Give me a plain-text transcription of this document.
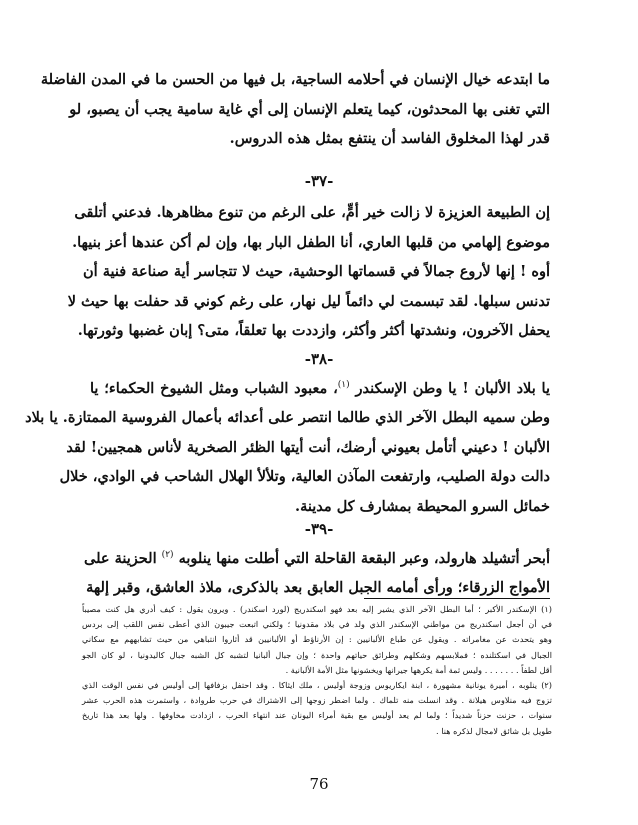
ما ابتدعه خيال الإنسان في أحلامه الساجية، بل فيها من الحسن ما في المدن الفاضلة
التي تغنى بها المحدثون، كيما يتعلم الإنسان إلى أي غاية سامية يجب أن يصبو، لو
قدر لهذا المخلوق الفاسد أن ينتفع بمثل هذه الدروس.
-٣٧-
إن الطبيعة العزيزة لا زالت خير أمٍّ، على الرغم من تنوع مظاهرها. فدعني أتلقى
موضوع إلهامي من قلبها العاري، أنا الطفل البار بها، وإن لم أكن عندها أعز بنيها.
أوه ! إنها لأروع جمالاً في قسماتها الوحشية، حيث لا تتجاسر أية صناعة فنية أن
تدنس سبلها. لقد تبسمت لي دائماً ليل نهار، على رغم كوني قد حفلت بها حيث لا
يحفل الآخرون، ونشدتها أكثر وأكثر، وازددت بها تعلقاً، متى؟ إبان غضبها وثورتها.
-٣٨-
يا بلاد الألبان ! يا وطن الإسكندر $^{(١)}$، معبود الشباب ومثل الشيوخ الحكماء؛ يا
وطن سميه البطل الآخر الذي طالما انتصر على أعدائه بأعمال الفروسية الممتازة. يا بلاد
الألبان ! دعيني أتأمل بعيوني أرضك، أنت أيتها الظئر الصخرية لأناس همجيين! لقد
دالت دولة الصليب، وارتفعت المآذن العالية، وتلألأ الهلال الشاحب في الوادي، خلال
خمائل السرو المحيطة بمشارف كل مدينة.
-٣٩-
أبحر أتشيلد هارولد، وعبر البقعة القاحلة التي أطلت منها ينلوبه $^{(٢)}$ الحزينة على
الأمواج الزرقاء؛ ورأى أمامه الجبل العابق بعد بالذكرى، ملاذ العاشق، وقبر إلهة
(١) الإسكندر الأكبر ؛ أما البطل الآخر الذي يشير إليه بعد فهو اسكندريج (لورد اسكندر) . ويرون يقول : كيف أدري هل كنت مصيباً
في أن أجعل اسكندريج من مواطني الإسكندر الذي ولد في بلاد مقدونيا ؛ ولكني اتبعت جيبون الذي أعطى نفس اللقب إلى بردس
وهو يتحدث عن مغامراته . ويقول عن طباع الألبانيين : إن الأرناؤط أو الألبانيين قد أثاروا انتباهي من حيث تشابههم مع سكاني
الجبال في اسكتلنده ؛ فملابسهم وشكلهم وطرائق حياتهم واحدة ؛ وإن جبال ألبانيا لتشبه كل الشبه جبال كاليدونيا ، لو كان الجو
أقل لطفاً . . . . . . . وليس ثمة أمة يكرهها جيرانها ويخشونها مثل الأمة الألبانية .
(٢) ينلوبه ، أميرة يونانية مشهورة ، ابنة ايكاريوس وزوجة أوليس ، ملك ايثاكا . وقد احتفل بزفافها إلى أوليس في نفس الوقت الذي
تزوج فيه منلاوس هيلانة . وقد انسلت منه تلماك . ولما اضطر زوجها إلى الاشتراك في حرب طروادة ، واستمرت هذه الحرب عشر
سنوات ، حزنت حزناً شديداً ؛ ولما لم يعد أوليس مع بقية أمراء اليونان عند انتهاء الحرب ، ازدادت مخاوفها . ولها بعد هذا تاريخ
طويل بل شائق لامجال لذكره هنا .
76
